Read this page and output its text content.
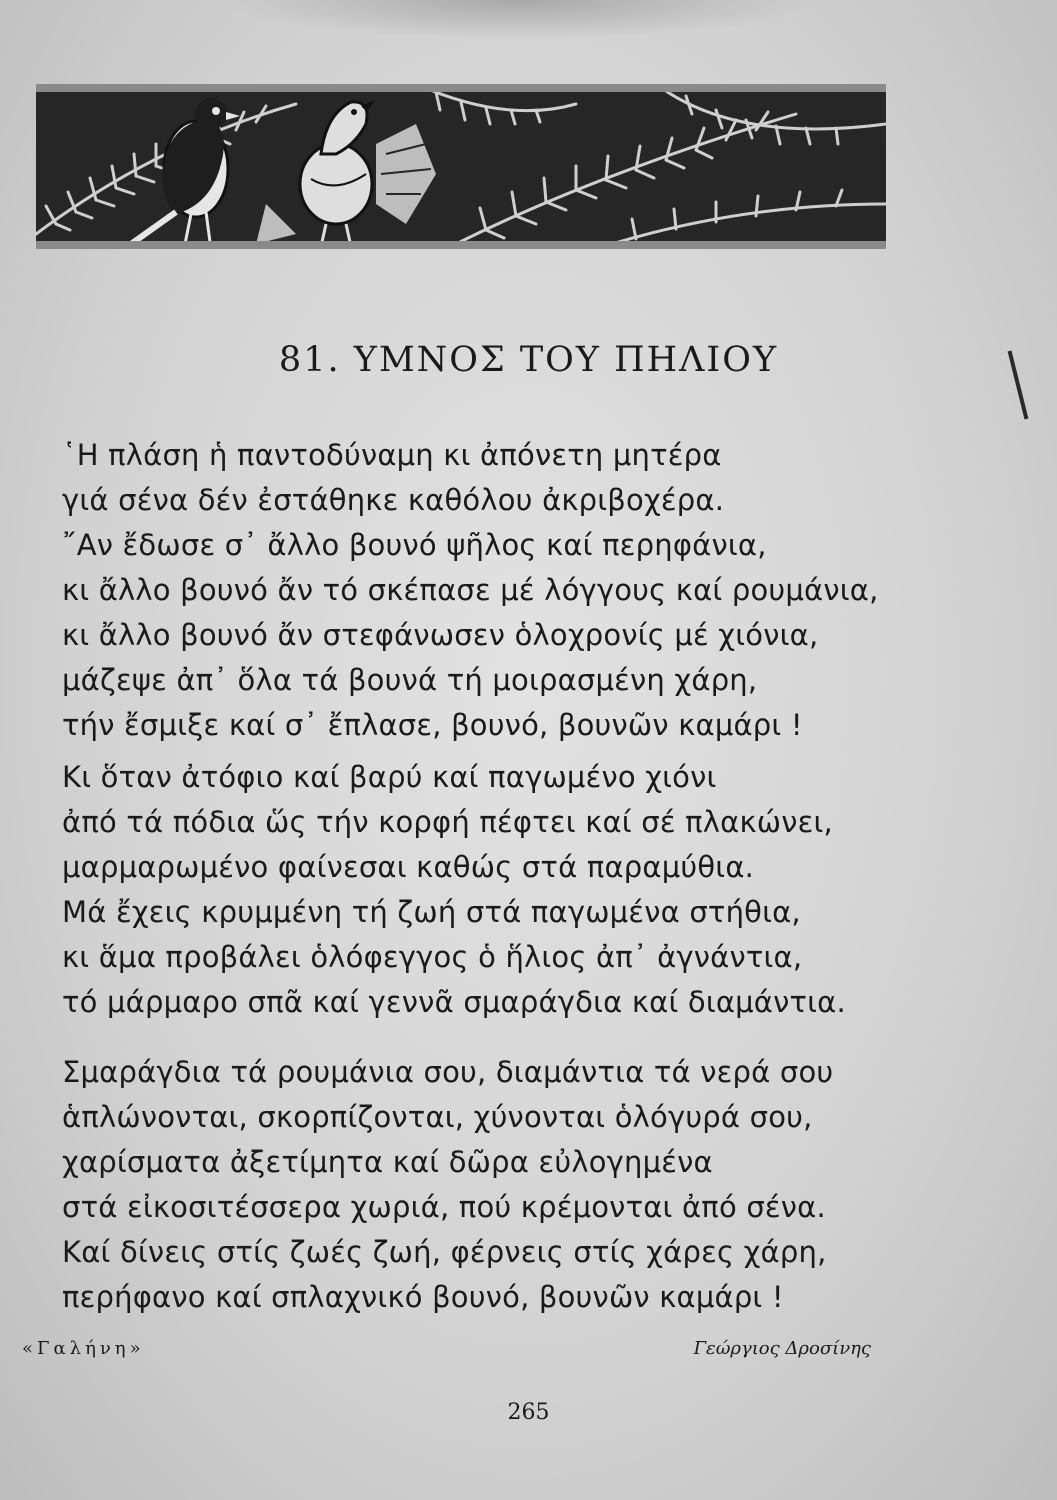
81. ΥΜΝΟΣ ΤΟΥ ΠΗΛΙΟΥ
῾Η πλάση ἡ παντοδύναμη κι ἀπόνετη μητέρα
γιά σένα δέν ἐστάθηκε καθόλου ἀκριβοχέρα.
῎Αν ἔδωσε σ᾽ ἄλλο βουνό ψῆλος καί περηφάνια,
κι ἄλλο βουνό ἄν τό σκέπασε μέ λόγγους καί ρουμάνια,
κι ἄλλο βουνό ἄν στεφάνωσεν ὁλοχρονίς μέ χιόνια,
μάζεψε ἀπ᾽ ὅλα τά βουνά τή μοιρασμένη χάρη,
τήν ἔσμιξε καί σ᾽ ἔπλασε, βουνό, βουνῶν καμάρι !
Κι ὅταν ἀτόφιο καί βαρύ καί παγωμένο χιόνι
ἀπό τά πόδια ὥς τήν κορφή πέφτει καί σέ πλακώνει,
μαρμαρωμένο φαίνεσαι καθώς στά παραμύθια.
Μά ἔχεις κρυμμένη τή ζωή στά παγωμένα στήθια,
κι ἅμα προβάλει ὁλόφεγγος ὁ ἥλιος ἀπ᾽ ἀγνάντια,
τό μάρμαρο σπᾶ καί γεννᾶ σμαράγδια καί διαμάντια.
Σμαράγδια τά ρουμάνια σου, διαμάντια τά νερά σου
ἁπλώνονται, σκορπίζονται, χύνονται ὁλόγυρά σου,
χαρίσματα ἀξετίμητα καί δῶρα εὐλογημένα
στά εἰκοσιτέσσερα χωριά, πού κρέμονται ἀπό σένα.
Καί δίνεις στίς ζωές ζωή, φέρνεις στίς χάρες χάρη,
περήφανο καί σπλαχνικό βουνό, βουνῶν καμάρι !
«Γαλήνη»	Γεώργιος Δροσίνης
265
